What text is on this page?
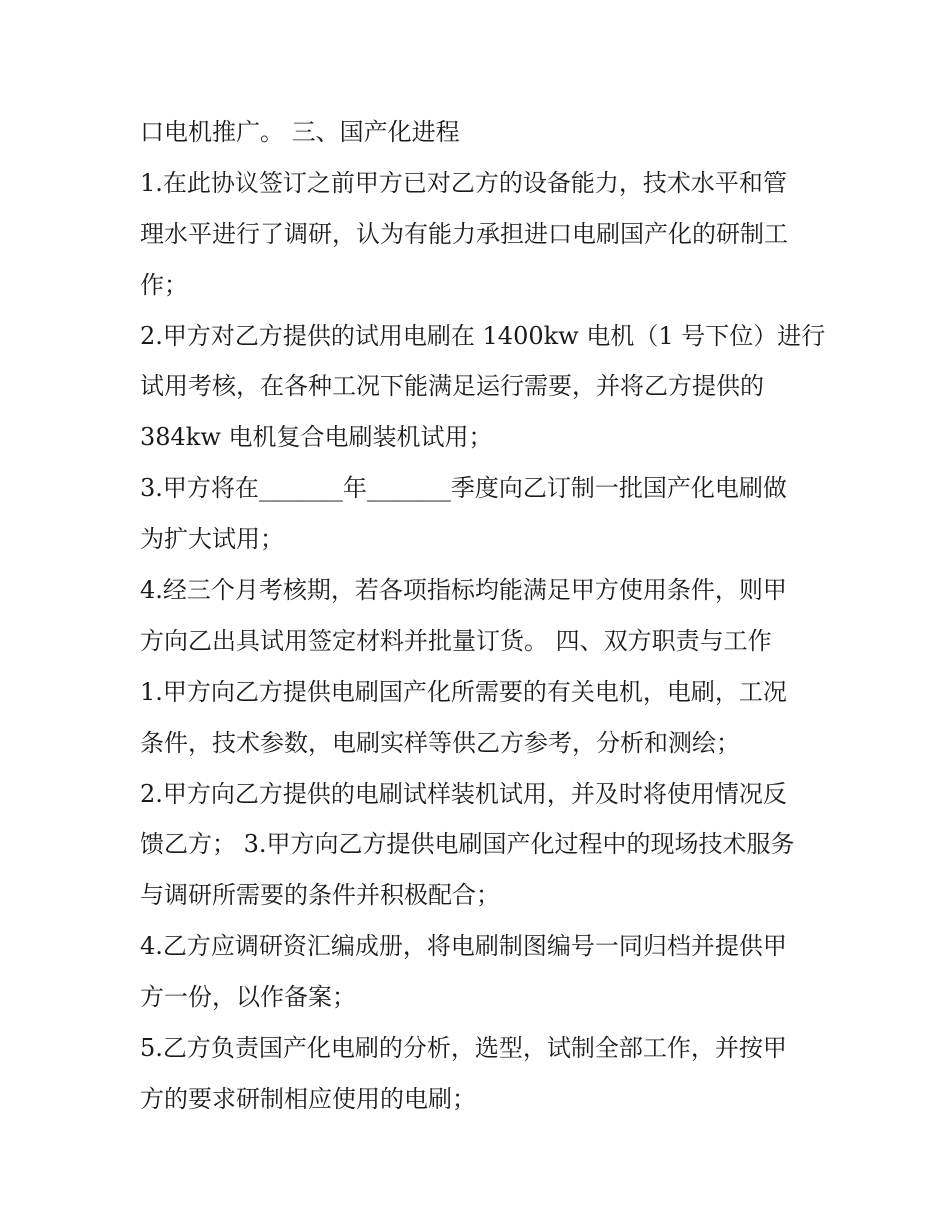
口电机推广。 三、国产化进程
1.在此协议签订之前甲方已对乙方的设备能力，技术水平和管
理水平进行了调研，认为有能力承担进口电刷国产化的研制工
作；
2.甲方对乙方提供的试用电刷在 1400kw 电机（1 号下位）进行
试用考核，在各种工况下能满足运行需要，并将乙方提供的
384kw 电机复合电刷装机试用；
3.甲方将在_______年_______季度向乙订制一批国产化电刷做
为扩大试用；
4.经三个月考核期，若各项指标均能满足甲方使用条件，则甲
方向乙出具试用签定材料并批量订货。 四、双方职责与工作
1.甲方向乙方提供电刷国产化所需要的有关电机，电刷，工况
条件，技术参数，电刷实样等供乙方参考，分析和测绘；
2.甲方向乙方提供的电刷试样装机试用，并及时将使用情况反
馈乙方； 3.甲方向乙方提供电刷国产化过程中的现场技术服务
与调研所需要的条件并积极配合；
4.乙方应调研资汇编成册，将电刷制图编号一同归档并提供甲
方一份，以作备案；
5.乙方负责国产化电刷的分析，选型，试制全部工作，并按甲
方的要求研制相应使用的电刷；
